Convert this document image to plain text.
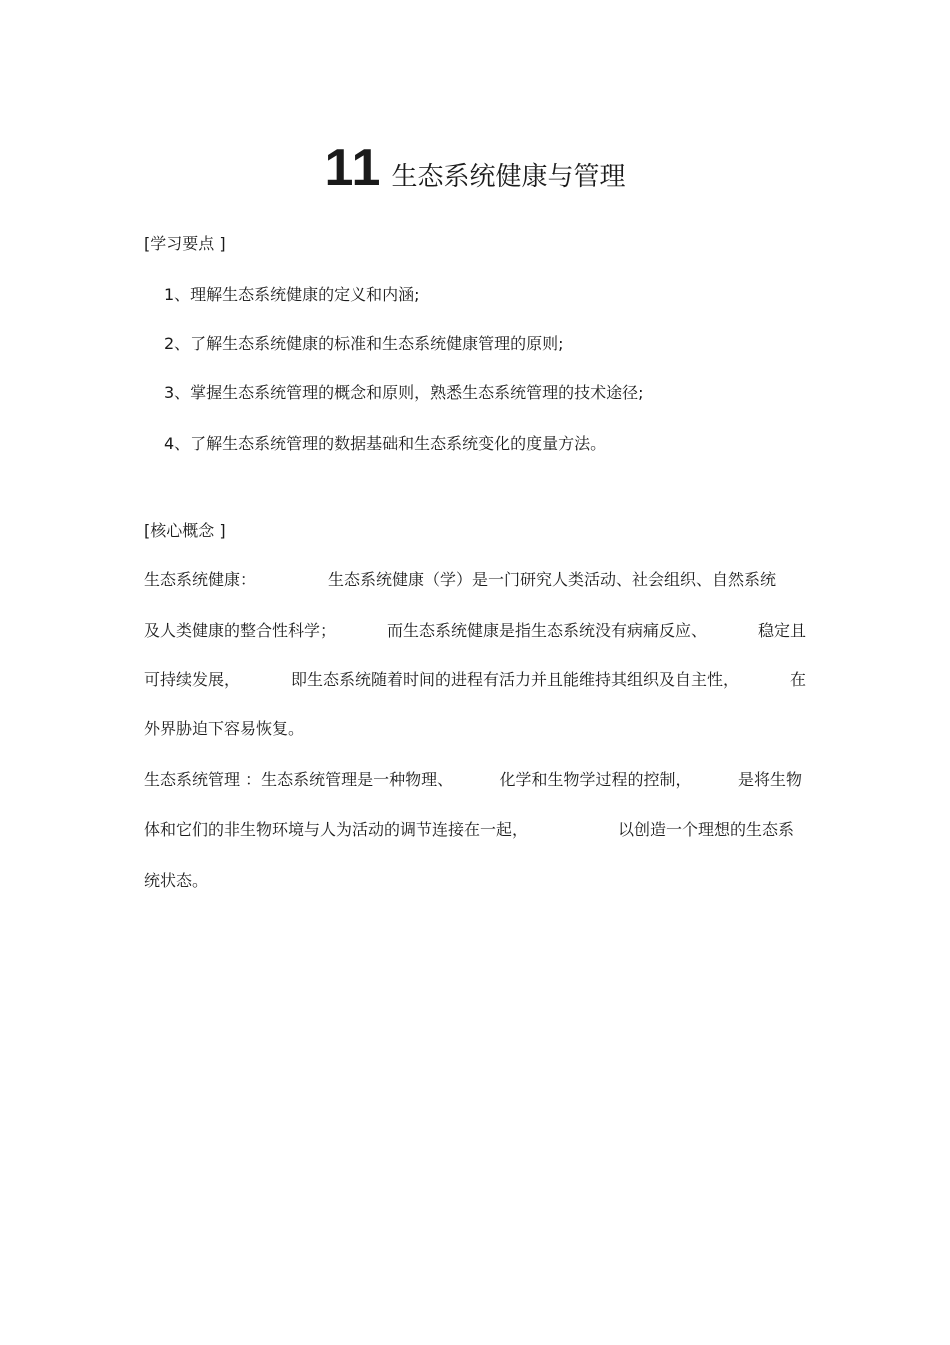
11 生态系统健康与管理
[学习要点 ]
1、理解生态系统健康的定义和内涵;
2、了解生态系统健康的标准和生态系统健康管理的原则;
3、掌握生态系统管理的概念和原则，熟悉生态系统管理的技术途径;
4、了解生态系统管理的数据基础和生态系统变化的度量方法。
[核心概念 ]
生态系统健康：	生态系统健康（学）是一门研究人类活动、社会组织、自然系统
及人类健康的整合性科学；	而生态系统健康是指生态系统没有病痛反应、	稳定且
可持续发展，	即生态系统随着时间的进程有活力并且能维持其组织及自主性，	在
外界胁迫下容易恢复。
生态系统管理 ：生态系统管理是一种物理、	化学和生物学过程的控制，	是将生物
体和它们的非生物环境与人为活动的调节连接在一起，	以创造一个理想的生态系
统状态。
